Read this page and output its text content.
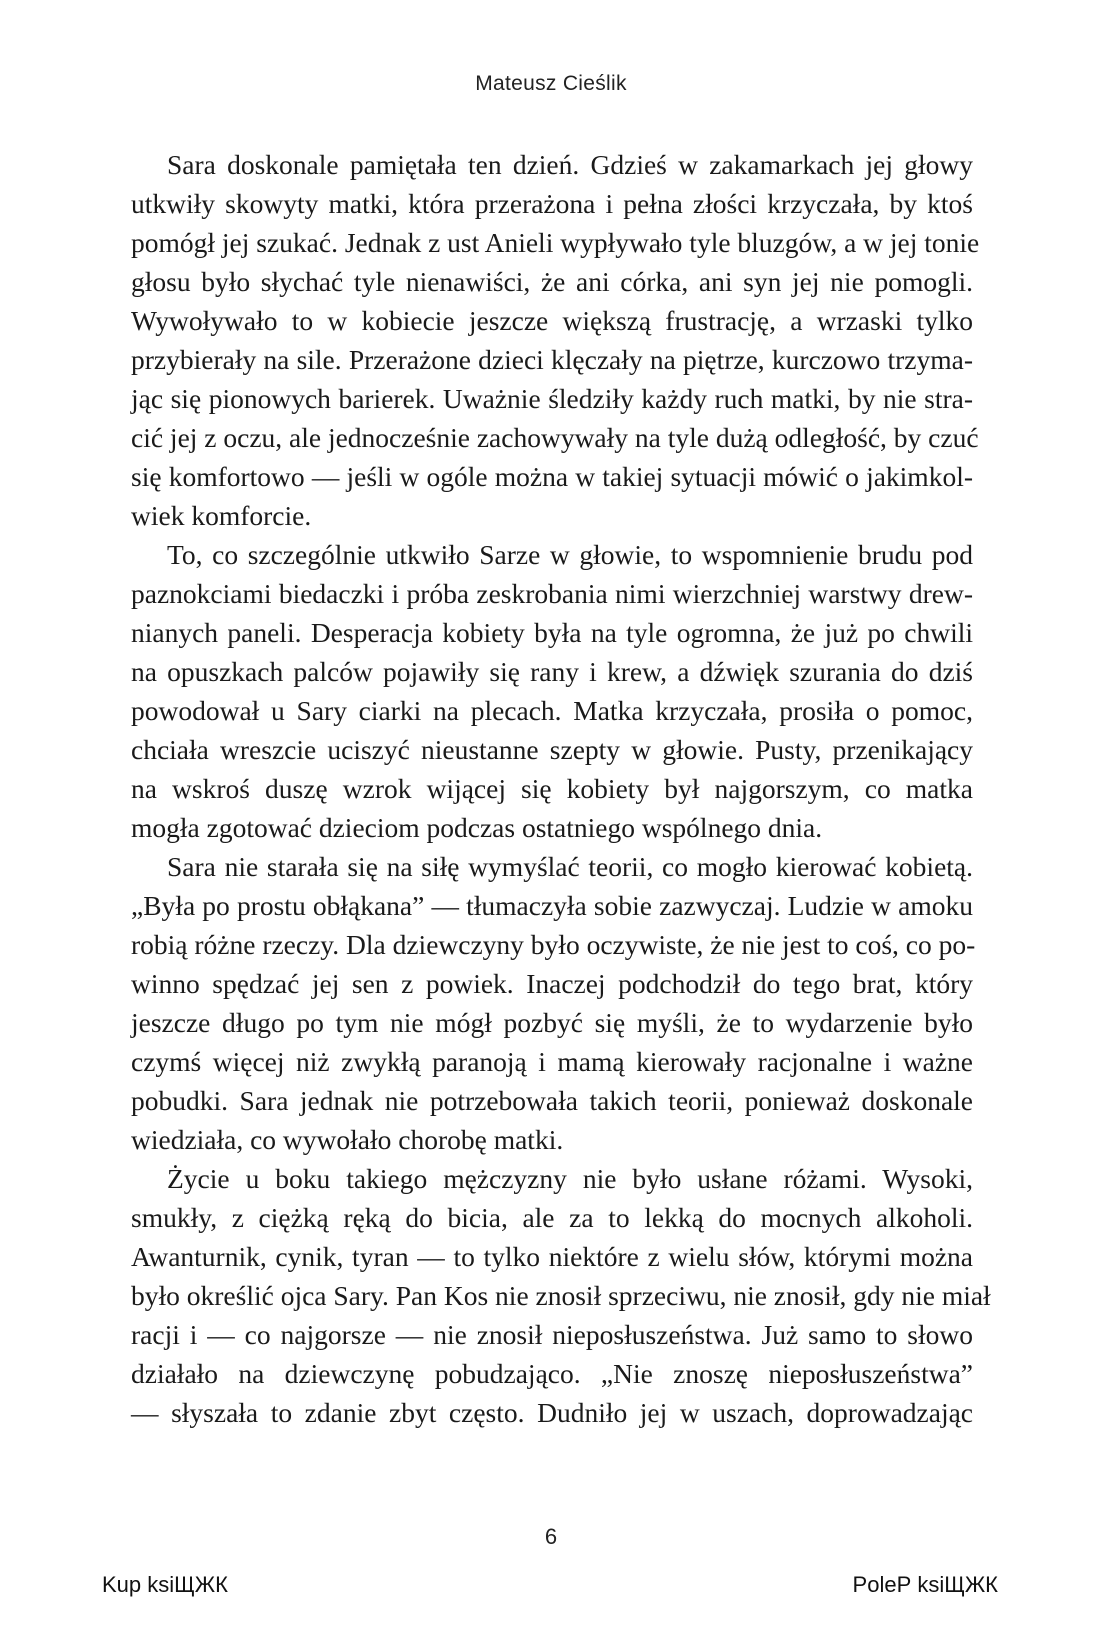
Mateusz Cieślik
Sara doskonale pamiętała ten dzień. Gdzieś w zakamarkach jej głowy
utkwiły skowyty matki, która przerażona i pełna złości krzyczała, by ktoś
pomógł jej szukać. Jednak z ust Anieli wypływało tyle bluzgów, a w jej tonie
głosu było słychać tyle nienawiści, że ani córka, ani syn jej nie pomogli.
Wywoływało to w kobiecie jeszcze większą frustrację, a wrzaski tylko
przybierały na sile. Przerażone dzieci klęczały na piętrze, kurczowo trzyma-
jąc się pionowych barierek. Uważnie śledziły każdy ruch matki, by nie stra-
cić jej z oczu, ale jednocześnie zachowywały na tyle dużą odległość, by czuć
się komfortowo — jeśli w ogóle można w takiej sytuacji mówić o jakimkol-
wiek komforcie.
To, co szczególnie utkwiło Sarze w głowie, to wspomnienie brudu pod
paznokciami biedaczki i próba zeskrobania nimi wierzchniej warstwy drew-
nianych paneli. Desperacja kobiety była na tyle ogromna, że już po chwili
na opuszkach palców pojawiły się rany i krew, a dźwięk szurania do dziś
powodował u Sary ciarki na plecach. Matka krzyczała, prosiła o pomoc,
chciała wreszcie uciszyć nieustanne szepty w głowie. Pusty, przenikający
na wskroś duszę wzrok wijącej się kobiety był najgorszym, co matka
mogła zgotować dzieciom podczas ostatniego wspólnego dnia.
Sara nie starała się na siłę wymyślać teorii, co mogło kierować kobietą.
„Była po prostu obłąkana” — tłumaczyła sobie zazwyczaj. Ludzie w amoku
robią różne rzeczy. Dla dziewczyny było oczywiste, że nie jest to coś, co po-
winno spędzać jej sen z powiek. Inaczej podchodził do tego brat, który
jeszcze długo po tym nie mógł pozbyć się myśli, że to wydarzenie było
czymś więcej niż zwykłą paranoją i mamą kierowały racjonalne i ważne
pobudki. Sara jednak nie potrzebowała takich teorii, ponieważ doskonale
wiedziała, co wywołało chorobę matki.
Życie u boku takiego mężczyzny nie było usłane różami. Wysoki,
smukły, z ciężką ręką do bicia, ale za to lekką do mocnych alkoholi.
Awanturnik, cynik, tyran — to tylko niektóre z wielu słów, którymi można
było określić ojca Sary. Pan Kos nie znosił sprzeciwu, nie znosił, gdy nie miał
racji i — co najgorsze — nie znosił nieposłuszeństwa. Już samo to słowo
działało na dziewczynę pobudzająco. „Nie znoszę nieposłuszeństwa”
— słyszała to zdanie zbyt często. Dudniło jej w uszach, doprowadzając
6
Kup ksiЩЖК	PoleР ksiЩЖК
